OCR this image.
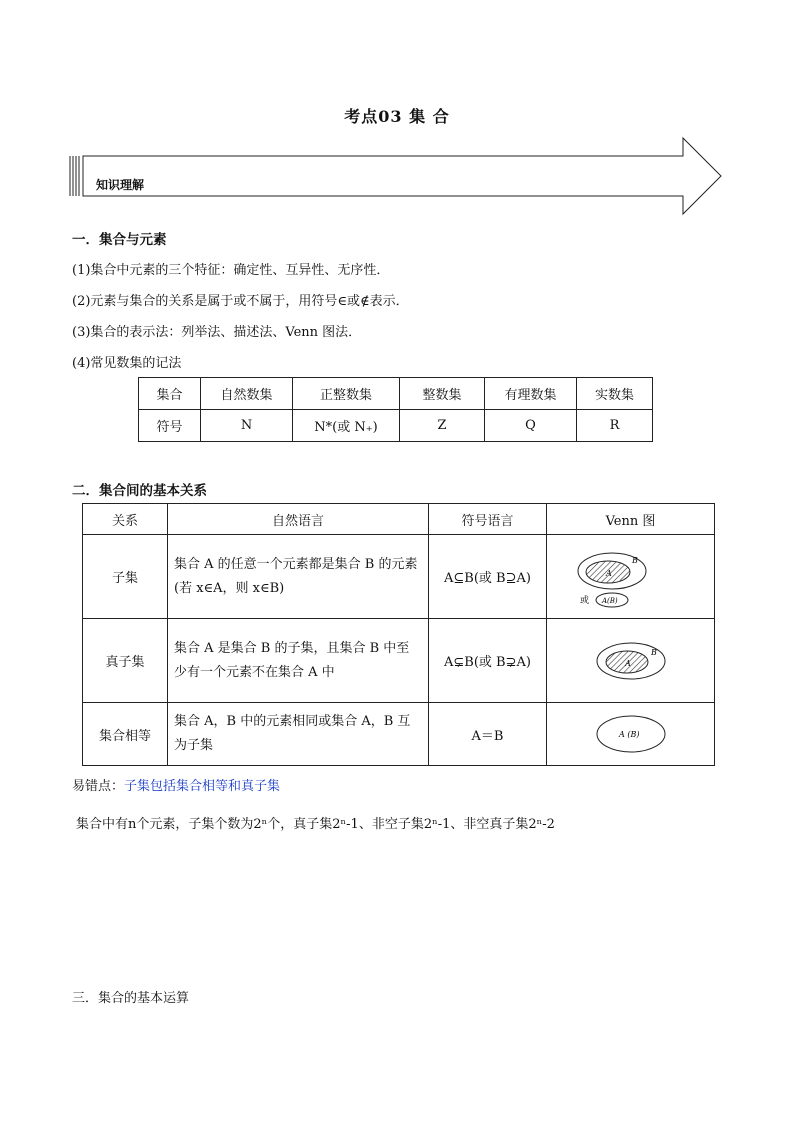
考点03 集 合
知识理解
一．集合与元素
(1)集合中元素的三个特征：确定性、互异性、无序性．
(2)元素与集合的关系是属于或不属于，用符号∈或∉表示．
(3)集合的表示法：列举法、描述法、Venn 图法．
(4)常见数集的记法
集合	自然数集	正整数集	整数集	有理数集	实数集
符号	N	N*(或 N₊)	Z	Q	R
二．集合间的基本关系
关系	自然语言	符号语言	Venn 图
子集	集合 A 的任意一个元素都是集合 B 的元素(若 x∈A，则 x∈B)	A⊆B(或 B⊇A)	A
B
或 A(B)

真子集	集合 A 是集合 B 的子集，且集合 B 中至少有一个元素不在集合 A 中	A⊊B(或 B⊋A)	A
B

集合相等	集合 A，B 中的元素相同或集合 A，B 互为子集	A＝B	A (B)
易错点：子集包括集合相等和真子集
集合中有n个元素，子集个数为2ⁿ个，真子集2ⁿ-1、非空子集2ⁿ-1、非空真子集2ⁿ-2
三．集合的基本运算
